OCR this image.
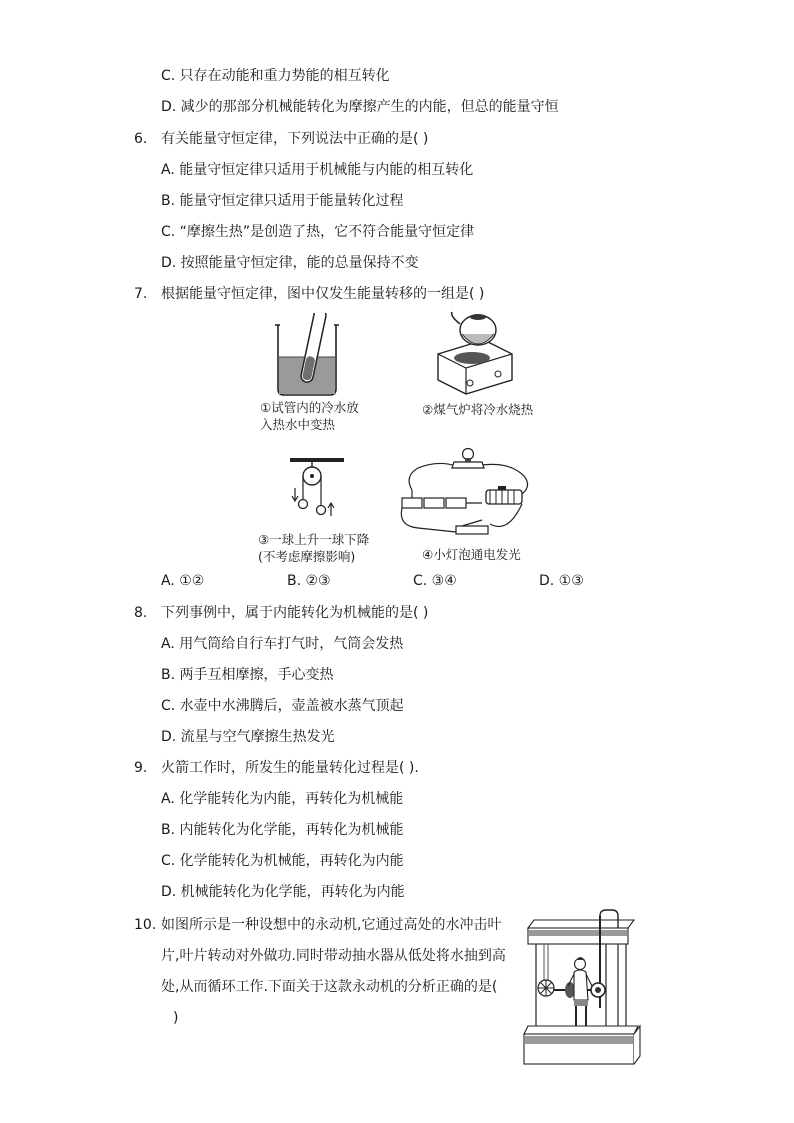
C. 只存在动能和重力势能的相互转化
D. 减少的那部分机械能转化为摩擦产生的内能，但总的能量守恒
6. 有关能量守恒定律，下列说法中正确的是( )
A. 能量守恒定律只适用于机械能与内能的相互转化
B. 能量守恒定律只适用于能量转化过程
C. “摩擦生热”是创造了热，它不符合能量守恒定律
D. 按照能量守恒定律，能的总量保持不变
7. 根据能量守恒定律，图中仅发生能量转移的一组是( )
①试管内的冷水放
入热水中变热
②煤气炉将冷水烧热
③一球上升一球下降
(不考虑摩擦影响)	④小灯泡通电发光
A. ①②	B. ②③	C. ③④	D. ①③
8. 下列事例中，属于内能转化为机械能的是( )
A. 用气筒给自行车打气时，气筒会发热
B. 两手互相摩擦，手心变热
C. 水壶中水沸腾后，壶盖被水蒸气顶起
D. 流星与空气摩擦生热发光
9. 火箭工作时，所发生的能量转化过程是( ).
A. 化学能转化为内能，再转化为机械能
B. 内能转化为化学能，再转化为机械能
C. 化学能转化为机械能，再转化为内能
D. 机械能转化为化学能，再转化为内能
10. 如图所示是一种设想中的永动机,它通过高处的水冲击叶
片,叶片转动对外做功.同时带动抽水器从低处将水抽到高
处,从而循环工作.下面关于这款永动机的分析正确的是(
)
